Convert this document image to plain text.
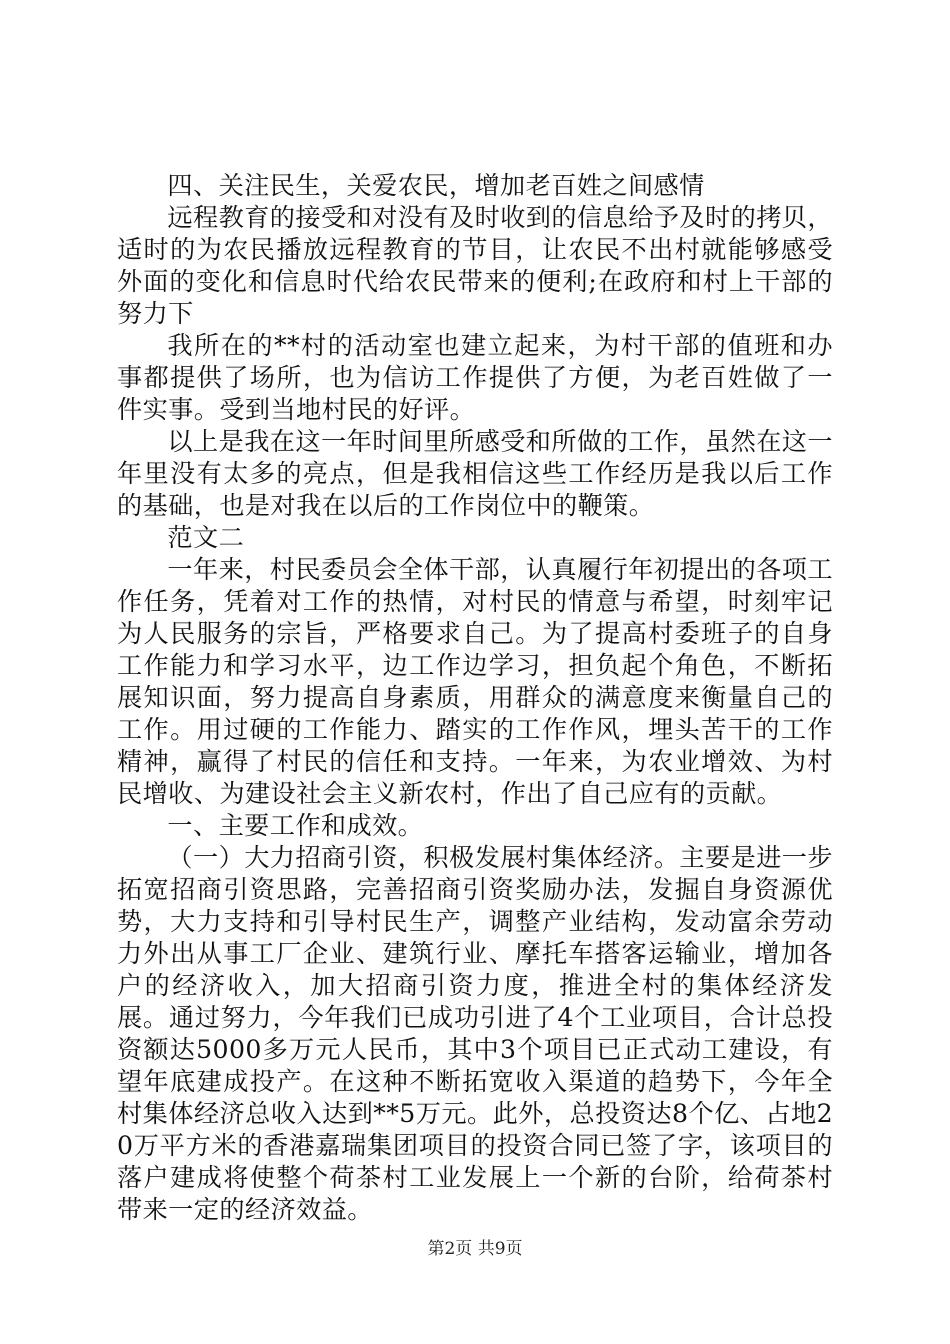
四、关注民生，关爱农民，增加老百姓之间感情

远程教育的接受和对没有及时收到的信息给予及时的拷贝，适时的为农民播放远程教育的节目，让农民不出村就能够感受外面的变化和信息时代给农民带来的便利;在政府和村上干部的努力下

我所在的**村的活动室也建立起来，为村干部的值班和办事都提供了场所，也为信访工作提供了方便，为老百姓做了一件实事。受到当地村民的好评。

以上是我在这一年时间里所感受和所做的工作，虽然在这一年里没有太多的亮点，但是我相信这些工作经历是我以后工作的基础，也是对我在以后的工作岗位中的鞭策。

范文二

一年来，村民委员会全体干部，认真履行年初提出的各项工作任务，凭着对工作的热情，对村民的情意与希望，时刻牢记为人民服务的宗旨，严格要求自己。为了提高村委班子的自身工作能力和学习水平，边工作边学习，担负起个角色，不断拓展知识面，努力提高自身素质，用群众的满意度来衡量自己的工作。用过硬的工作能力、踏实的工作作风，埋头苦干的工作精神，赢得了村民的信任和支持。一年来，为农业增效、为村民增收、为建设社会主义新农村，作出了自己应有的贡献。

一、主要工作和成效。

（一）大力招商引资，积极发展村集体经济。主要是进一步拓宽招商引资思路，完善招商引资奖励办法，发掘自身资源优势，大力支持和引导村民生产，调整产业结构，发动富余劳动力外出从事工厂企业、建筑行业、摩托车搭客运输业，增加各户的经济收入，加大招商引资力度，推进全村的集体经济发展。通过努力，今年我们已成功引进了4个工业项目，合计总投资额达5000多万元人民币，其中3个项目已正式动工建设，有望年底建成投产。在这种不断拓宽收入渠道的趋势下，今年全村集体经济总收入达到**5万元。此外，总投资达8个亿、占地20万平方米的香港嘉瑞集团项目的投资合同已签了字，该项目的落户建成将使整个荷茶村工业发展上一个新的台阶，给荷茶村带来一定的经济效益。

第2页 共9页
